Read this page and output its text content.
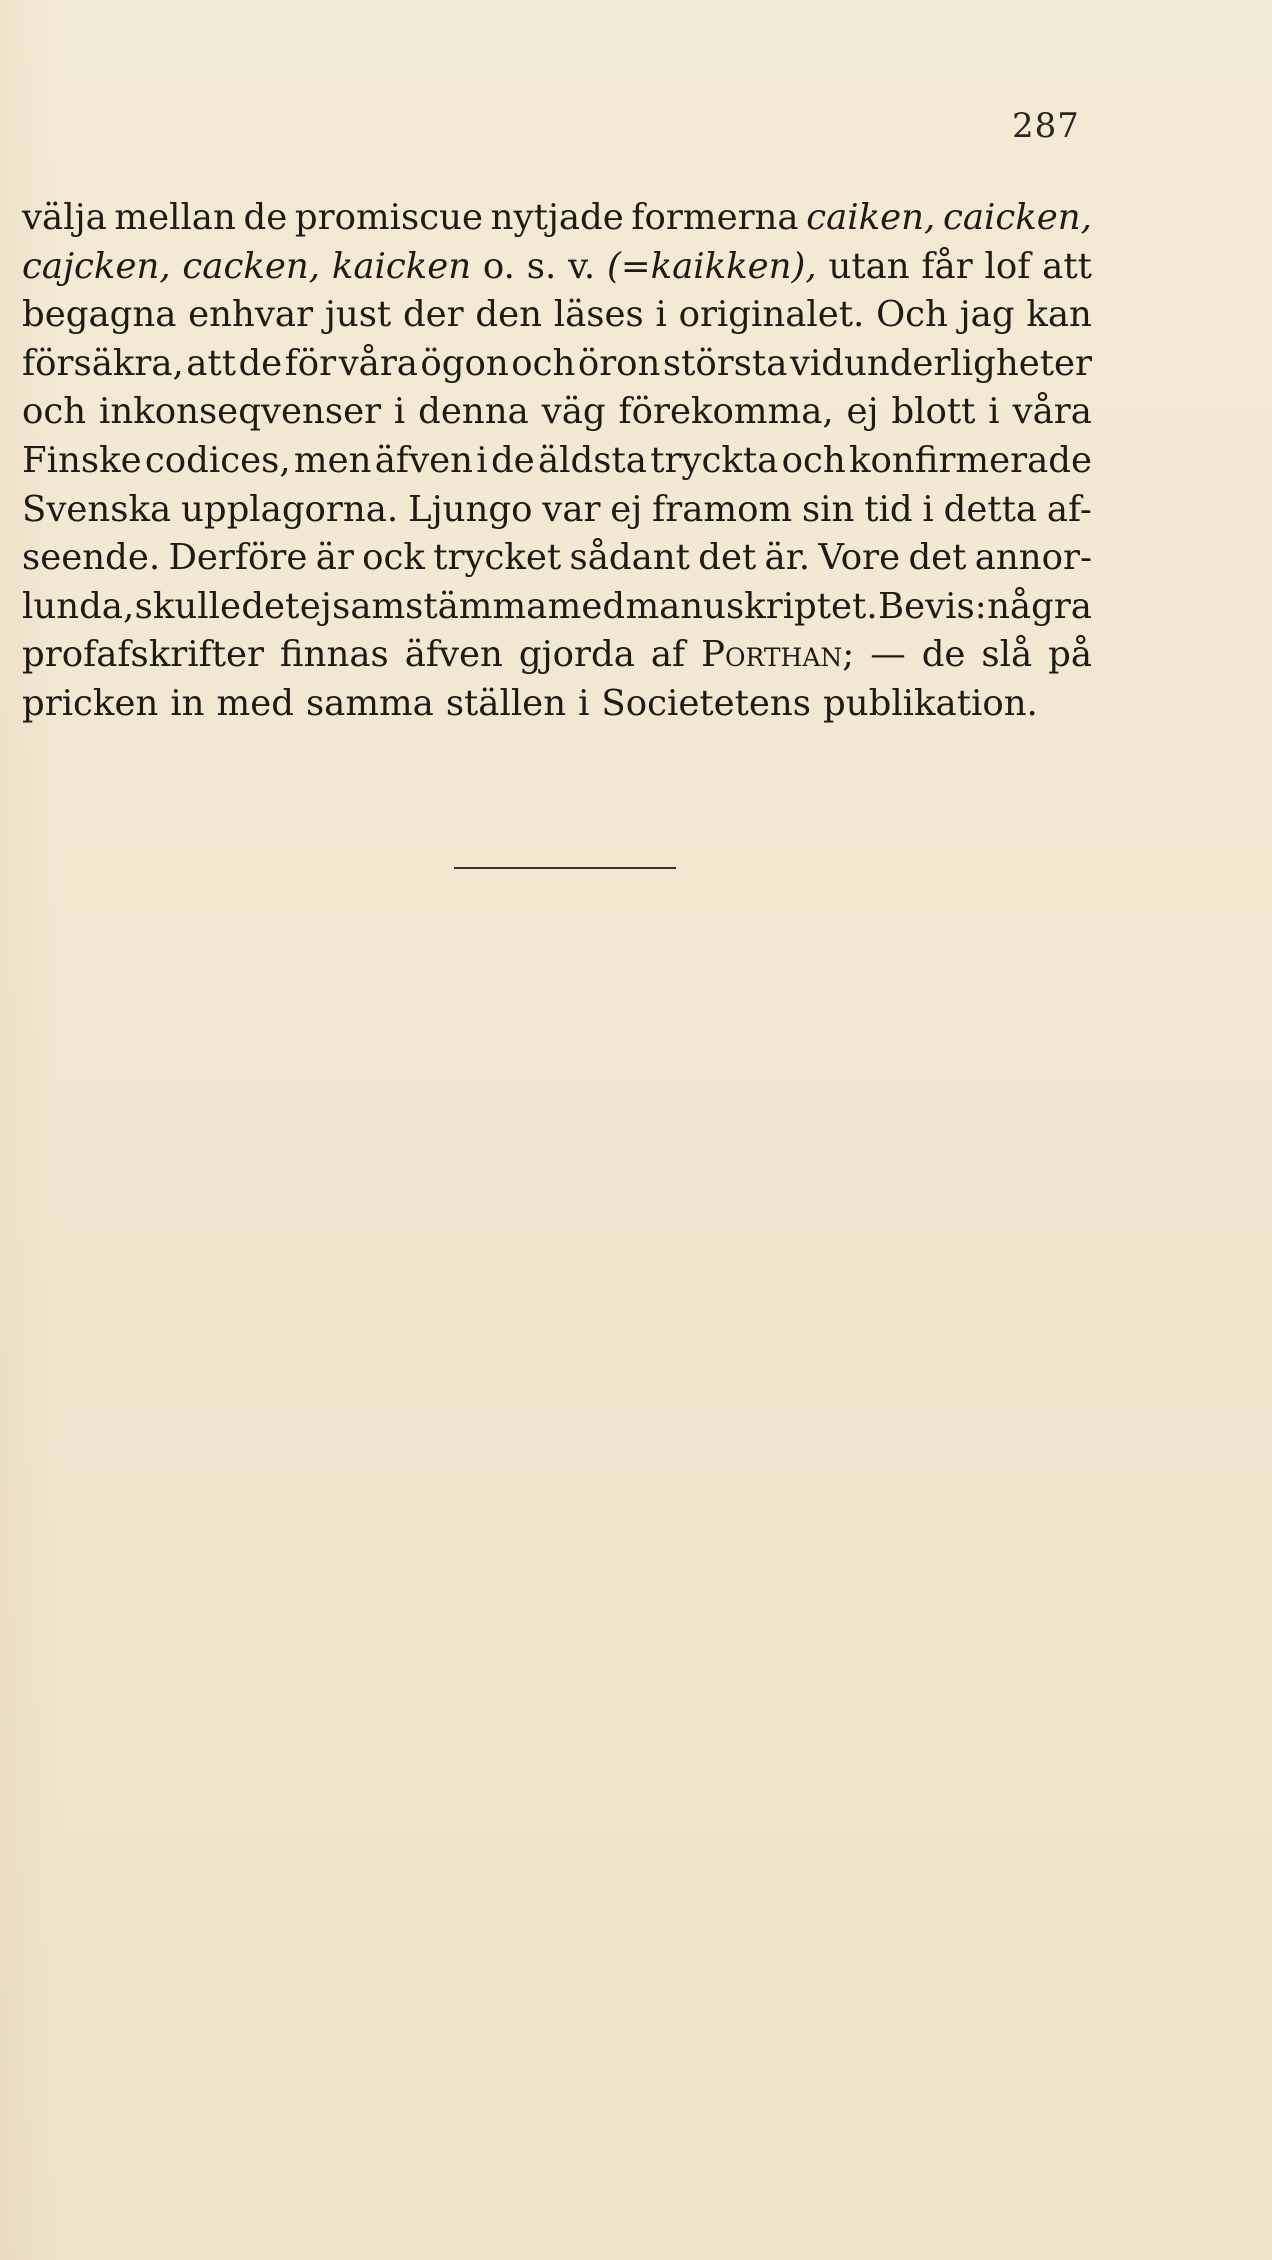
287
välja mellan de promiscue nytjade formerna caiken, caicken,
cajcken, cacken, kaicken o. s. v. (=kaikken), utan får lof att
begagna enhvar just der den läses i originalet. Och jag kan
försäkra, att de för våra ögon och öron största vidunderligheter
och inkonseqvenser i denna väg förekomma, ej blott i våra
Finske codices, men äfven i de äldsta tryckta och konfirmerade
Svenska upplagorna. Ljungo var ej framom sin tid i detta af-
seende. Derföre är ock trycket sådant det är. Vore det annor-
lunda, skulle det ej samstämma med manuskriptet. Bevis: några
profafskrifter finnas äfven gjorda af Porthan; — de slå på
pricken in med samma ställen i Societetens publikation.
